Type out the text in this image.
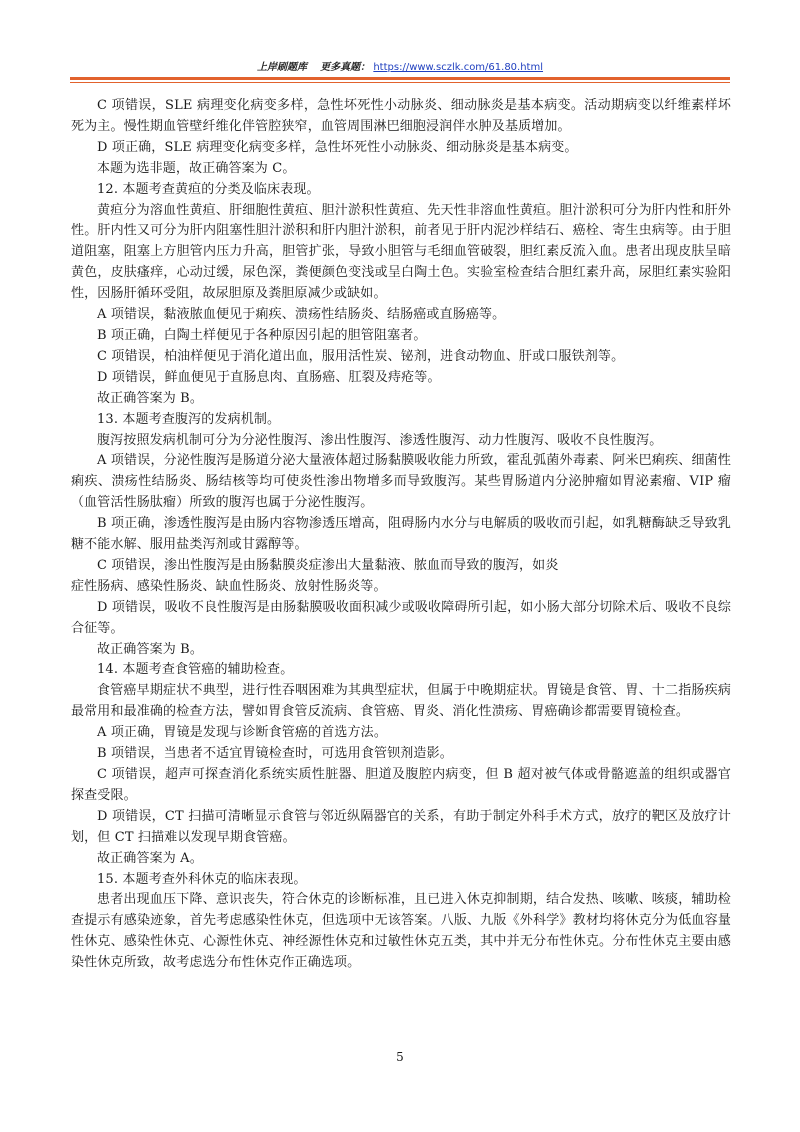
上岸刷题库 更多真题： https://www.sczlk.com/61.80.html

C 项错误，SLE 病理变化病变多样，急性坏死性小动脉炎、细动脉炎是基本病变。活动期病变以纤维素样坏死为主。慢性期血管壁纤维化伴管腔狭窄，血管周围淋巴细胞浸润伴水肿及基质增加。

D 项正确，SLE 病理变化病变多样，急性坏死性小动脉炎、细动脉炎是基本病变。

本题为选非题，故正确答案为 C。

12. 本题考查黄疸的分类及临床表现。

黄疸分为溶血性黄疸、肝细胞性黄疸、胆汁淤积性黄疸、先天性非溶血性黄疸。胆汁淤积可分为肝内性和肝外性。肝内性又可分为肝内阻塞性胆汁淤积和肝内胆汁淤积，前者见于肝内泥沙样结石、癌栓、寄生虫病等。由于胆道阻塞，阻塞上方胆管内压力升高，胆管扩张，导致小胆管与毛细血管破裂，胆红素反流入血。患者出现皮肤呈暗黄色，皮肤瘙痒，心动过缓，尿色深，粪便颜色变浅或呈白陶土色。实验室检查结合胆红素升高，尿胆红素实验阳性，因肠肝循环受阻，故尿胆原及粪胆原减少或缺如。

A 项错误，黏液脓血便见于痢疾、溃疡性结肠炎、结肠癌或直肠癌等。

B 项正确，白陶土样便见于各种原因引起的胆管阻塞者。

C 项错误，柏油样便见于消化道出血，服用活性炭、铋剂，进食动物血、肝或口服铁剂等。

D 项错误，鲜血便见于直肠息肉、直肠癌、肛裂及痔疮等。

故正确答案为 B。

13. 本题考查腹泻的发病机制。

腹泻按照发病机制可分为分泌性腹泻、渗出性腹泻、渗透性腹泻、动力性腹泻、吸收不良性腹泻。

A 项错误，分泌性腹泻是肠道分泌大量液体超过肠黏膜吸收能力所致，霍乱弧菌外毒素、阿米巴痢疾、细菌性痢疾、溃疡性结肠炎、肠结核等均可使炎性渗出物增多而导致腹泻。某些胃肠道内分泌肿瘤如胃泌素瘤、VIP 瘤（血管活性肠肽瘤）所致的腹泻也属于分泌性腹泻。

B 项正确，渗透性腹泻是由肠内容物渗透压增高，阻碍肠内水分与电解质的吸收而引起，如乳糖酶缺乏导致乳糖不能水解、服用盐类泻剂或甘露醇等。

C 项错误，渗出性腹泻是由肠黏膜炎症渗出大量黏液、脓血而导致的腹泻，如炎

症性肠病、感染性肠炎、缺血性肠炎、放射性肠炎等。

D 项错误，吸收不良性腹泻是由肠黏膜吸收面积减少或吸收障碍所引起，如小肠大部分切除术后、吸收不良综合征等。

故正确答案为 B。

14. 本题考查食管癌的辅助检查。

食管癌早期症状不典型，进行性吞咽困难为其典型症状，但属于中晚期症状。胃镜是食管、胃、十二指肠疾病最常用和最准确的检查方法，譬如胃食管反流病、食管癌、胃炎、消化性溃疡、胃癌确诊都需要胃镜检查。

A 项正确，胃镜是发现与诊断食管癌的首选方法。

B 项错误，当患者不适宜胃镜检查时，可选用食管钡剂造影。

C 项错误，超声可探查消化系统实质性脏器、胆道及腹腔内病变，但 B 超对被气体或骨骼遮盖的组织或器官探查受限。

D 项错误，CT 扫描可清晰显示食管与邻近纵隔器官的关系，有助于制定外科手术方式，放疗的靶区及放疗计划，但 CT 扫描难以发现早期食管癌。

故正确答案为 A。

15. 本题考查外科休克的临床表现。

患者出现血压下降、意识丧失，符合休克的诊断标准，且已进入休克抑制期，结合发热、咳嗽、咳痰，辅助检查提示有感染迹象，首先考虑感染性休克，但选项中无该答案。八版、九版《外科学》教材均将休克分为低血容量性休克、感染性休克、心源性休克、神经源性休克和过敏性休克五类，其中并无分布性休克。分布性休克主要由感染性休克所致，故考虑选分布性休克作正确选项。

5
